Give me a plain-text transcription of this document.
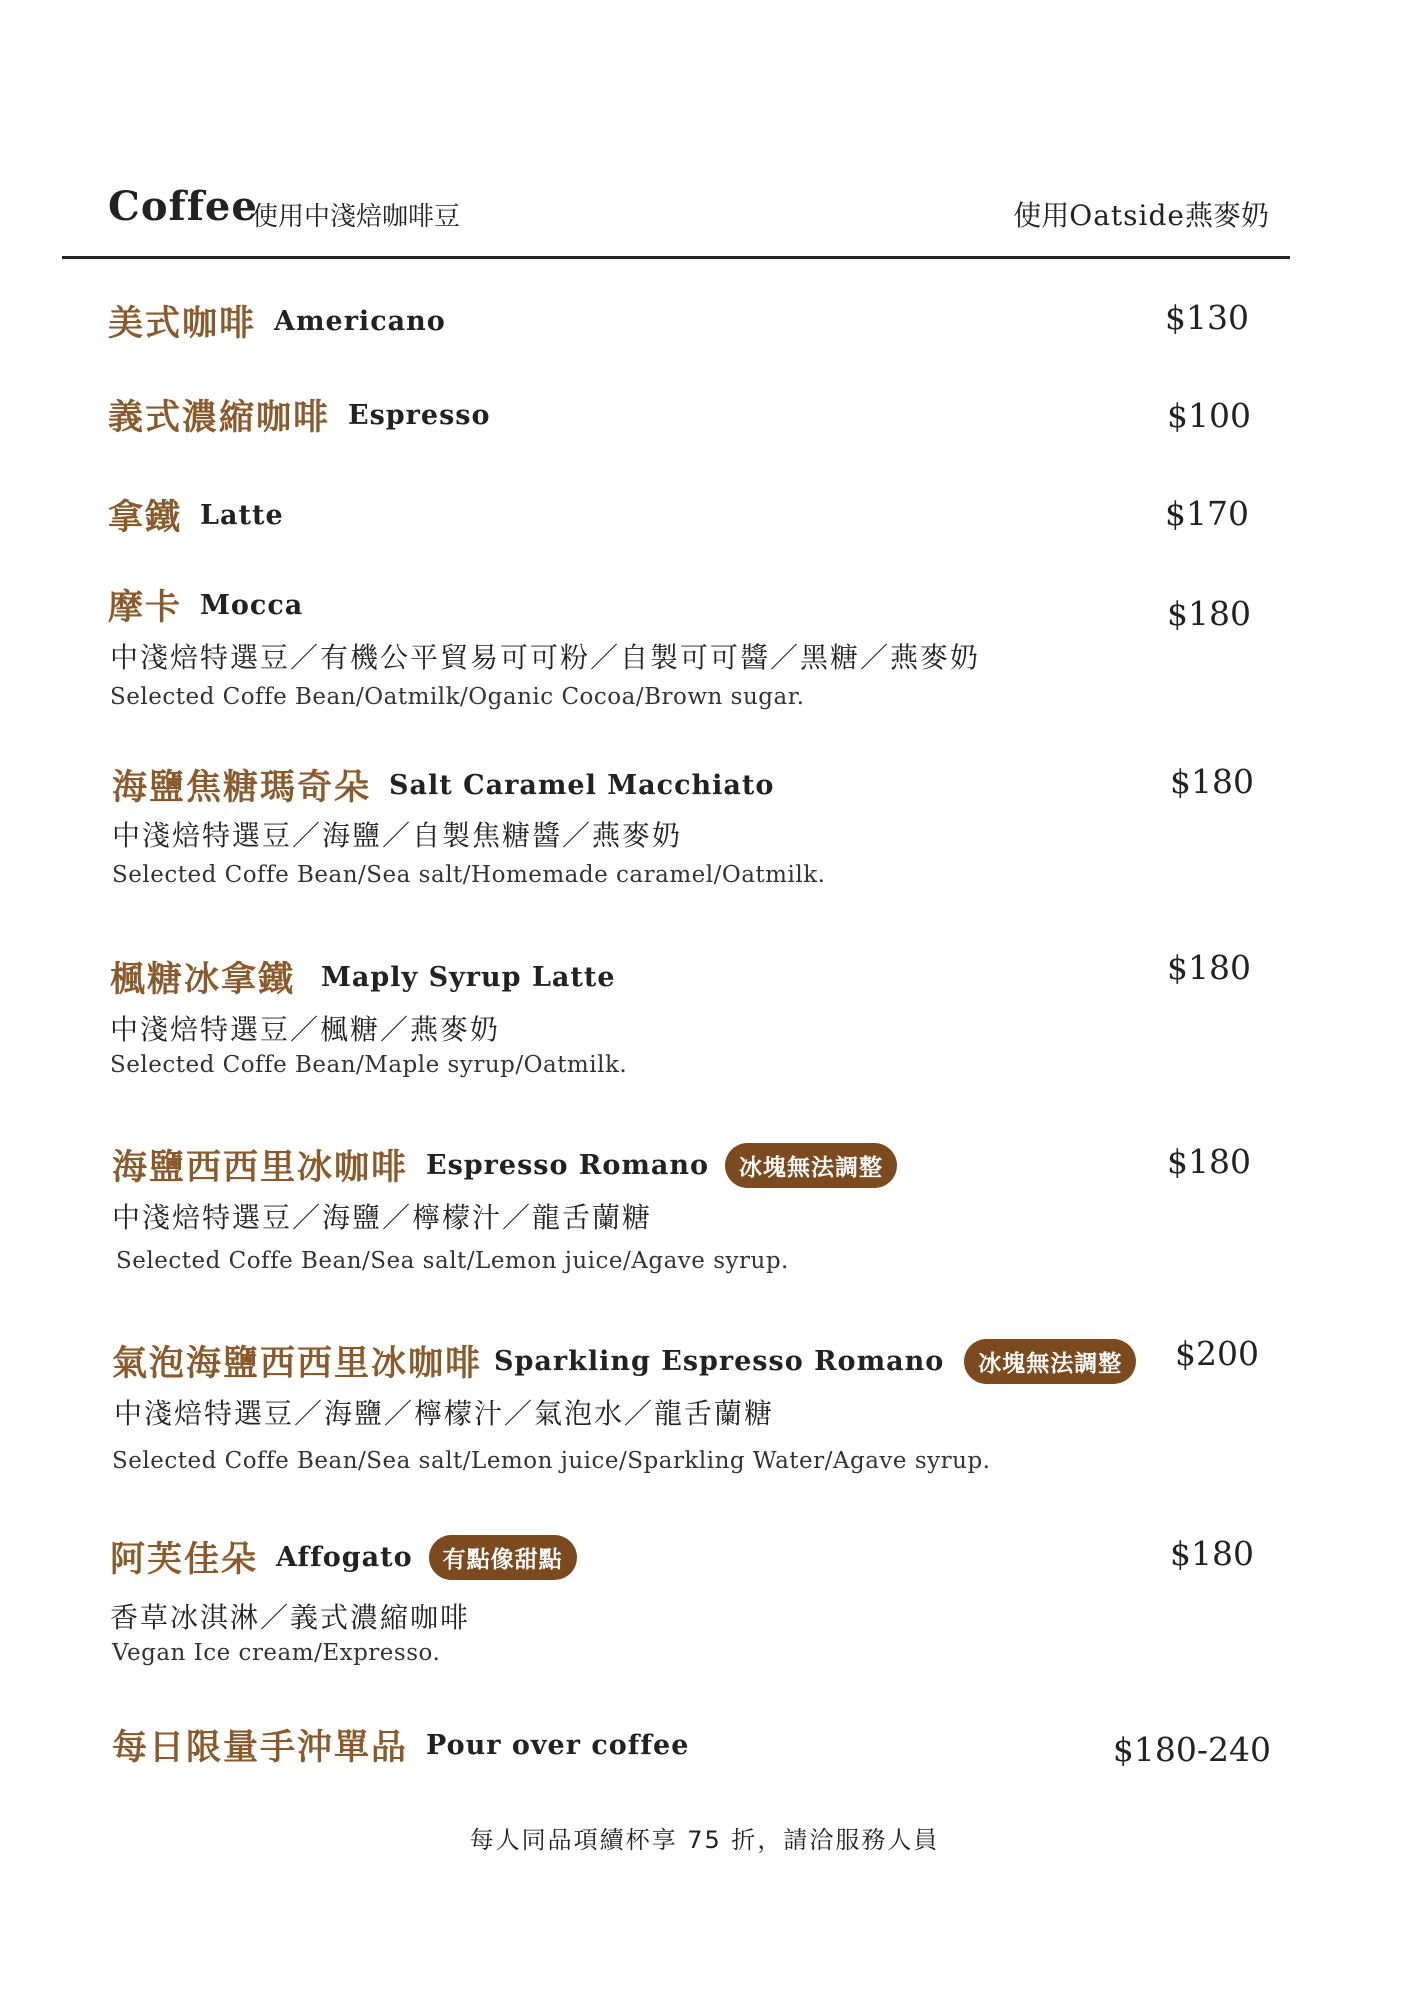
Coffee
使用中淺焙咖啡豆	使用Oatside燕麥奶
美式咖啡 Americano	$130
義式濃縮咖啡 Espresso	$100
拿鐵 Latte	$170
摩卡 Mocca	$180
中淺焙特選豆／有機公平貿易可可粉／自製可可醬／黑糖／燕麥奶
Selected Coffe Bean/Oatmilk/Oganic Cocoa/Brown sugar.
海鹽焦糖瑪奇朵 Salt Caramel Macchiato	$180
中淺焙特選豆／海鹽／自製焦糖醬／燕麥奶
Selected Coffe Bean/Sea salt/Homemade caramel/Oatmilk.
楓糖冰拿鐵 Maply Syrup Latte	$180
中淺焙特選豆／楓糖／燕麥奶
Selected Coffe Bean/Maple syrup/Oatmilk.
海鹽西西里冰咖啡 Espresso Romano	冰塊無法調整	$180
中淺焙特選豆／海鹽／檸檬汁／龍舌蘭糖
Selected Coffe Bean/Sea salt/Lemon juice/Agave syrup.
氣泡海鹽西西里冰咖啡 Sparkling Espresso Romano	冰塊無法調整	$200
中淺焙特選豆／海鹽／檸檬汁／氣泡水／龍舌蘭糖
Selected Coffe Bean/Sea salt/Lemon juice/Sparkling Water/Agave syrup.
阿芙佳朵 Affogato	有點像甜點	$180
香草冰淇淋／義式濃縮咖啡
Vegan Ice cream/Expresso.
每日限量手沖單品 Pour over coffee	$180-240
每人同品項續杯享 75 折，請洽服務人員
